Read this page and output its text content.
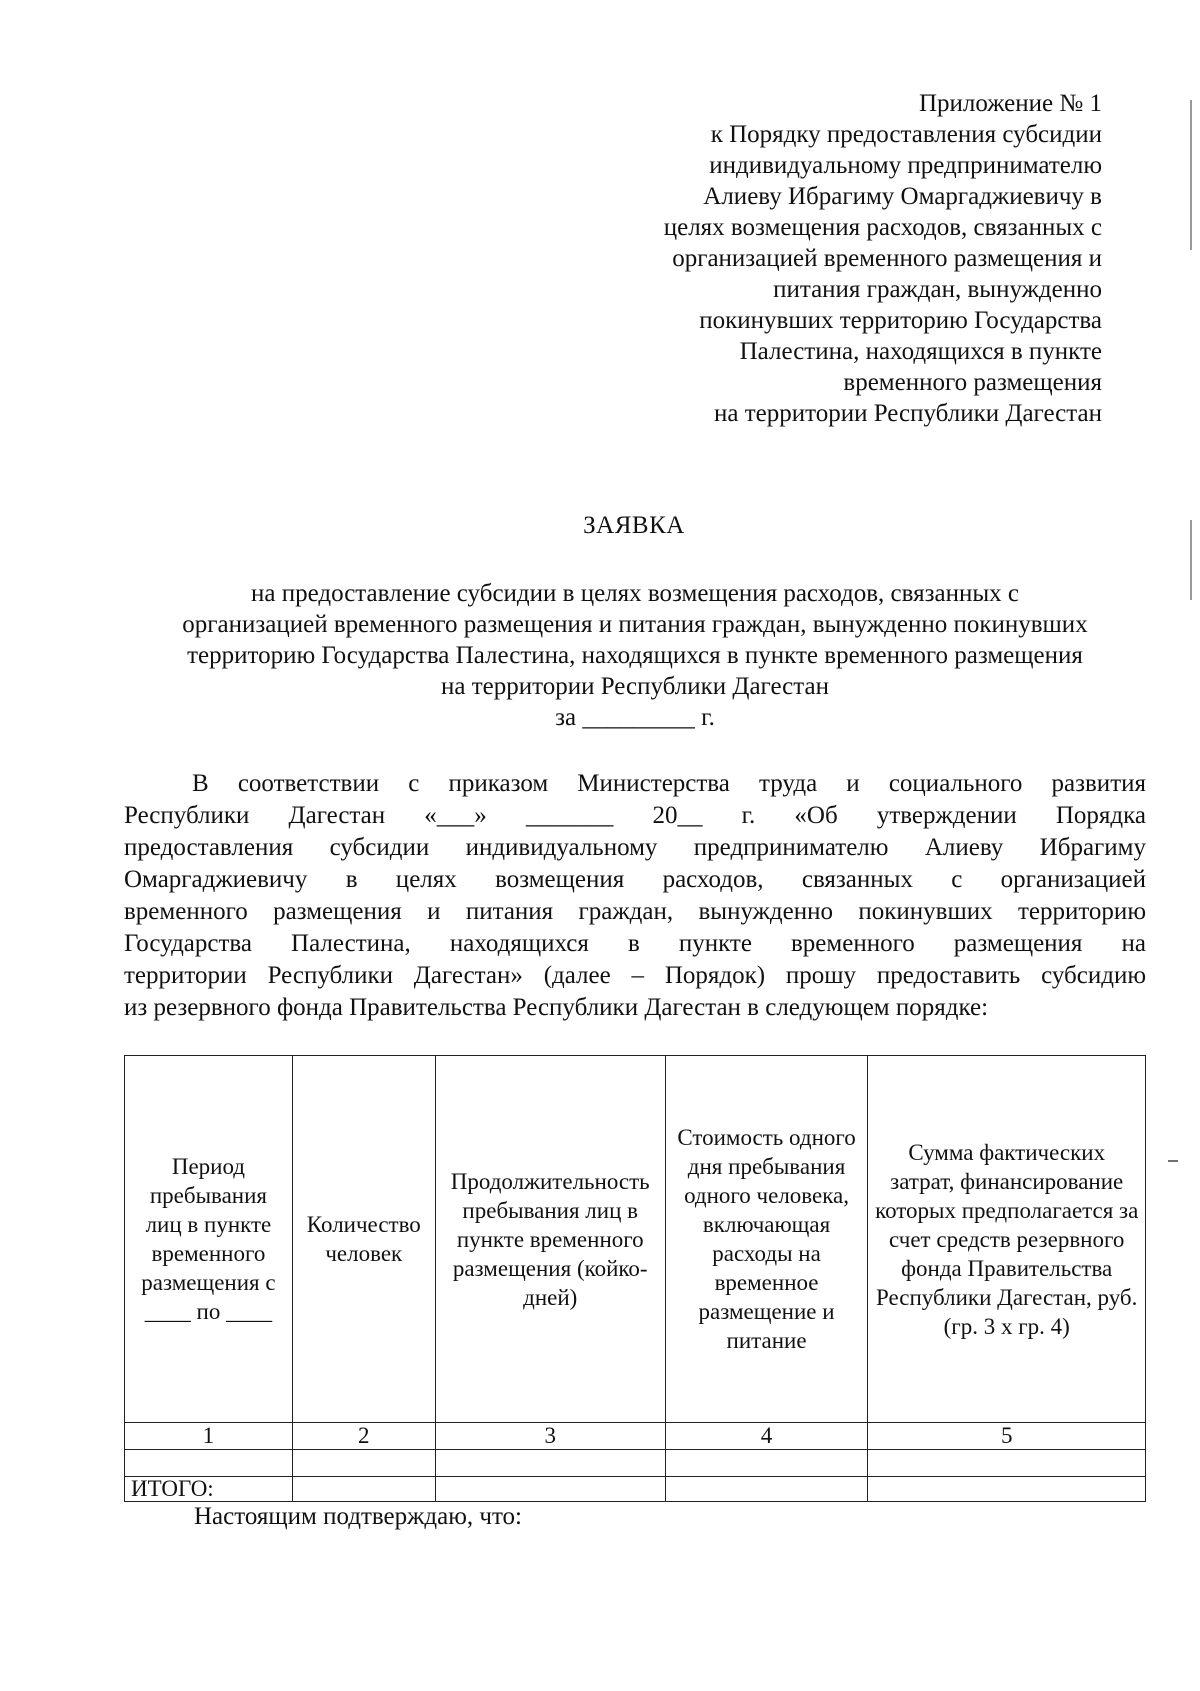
Приложение № 1
к Порядку предоставления субсидии
индивидуальному предпринимателю
Алиеву Ибрагиму Омаргаджиевичу в
целях возмещения расходов, связанных с
организацией временного размещения и
питания граждан, вынужденно
покинувших территорию Государства
Палестина, находящихся в пункте
временного размещения
на территории Республики Дагестан
ЗАЯВКА
на предоставление субсидии в целях возмещения расходов, связанных с
организацией временного размещения и питания граждан, вынужденно покинувших
территорию Государства Палестина, находящихся в пункте временного размещения
на территории Республики Дагестан
за _________ г.
В соответствии с приказом Министерства труда и социального развития
Республики Дагестан «___» _______ 20__ г. «Об утверждении Порядка
предоставления субсидии индивидуальному предпринимателю Алиеву Ибрагиму
Омаргаджиевичу в целях возмещения расходов, связанных с организацией
временного размещения и питания граждан, вынужденно покинувших территорию
Государства Палестина, находящихся в пункте временного размещения на
территории Республики Дагестан» (далее – Порядок) прошу предоставить субсидию
из резервного фонда Правительства Республики Дагестан в следующем порядке:
Период пребывания лиц в пункте временного размещения с ____ по ____	Количество человек	Продолжительность пребывания лиц в пункте временного размещения (койко-дней)	Стоимость одного дня пребывания одного человека, включающая расходы на временное размещение и питание	Сумма фактических затрат, финансирование которых предполагается за счет средств резервного фонда Правительства Республики Дагестан, руб. (гр. 3 х гр. 4)
1	2	3	4	5

ИТОГО:				
Настоящим подтверждаю, что:
